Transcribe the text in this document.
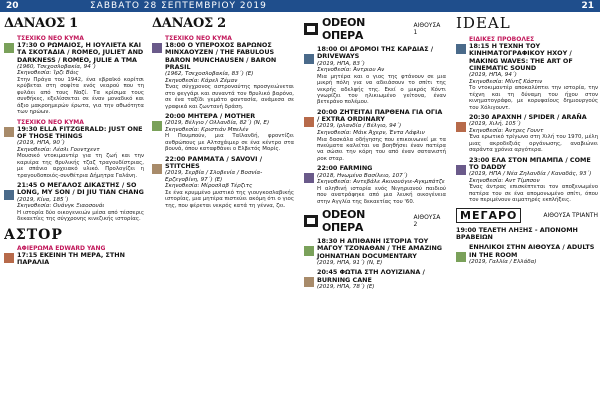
20	ΣΑΒΒΑΤΟ 28 ΣΕΠΤΕΜΒΡΙΟΥ 2019	21
ΔΑΝΑΟΣ 1
ΤΣΕΧΙΚΟ ΝΕΟ ΚΥΜΑ
17:30 Ο ΡΩΜΑΙΟΣ, Η ΙΟΥΛΙΕΤΑ ΚΑΙ ΤΑ ΣΚΟΤΑΔΙΑ / ROMEO, JULIET AND DARKNESS / ROMEO, JULIE A TMA
(1960, Τσεχοσλοβακία, 94΄)
Σκηνοθεσία: Ίρζι Βάις
Στην Πράγα του 1942, ένα εβραϊκό κορίτσι κρύβεται στη σοφίτα ενός νεαρού που τη φυλάει από τους Ναζί. Τα κρίσιμα τους συνθήκες, εξελίσσεται σε έναν μοναδικό και άξιο μακροημερών έρωτα, για την αθωότητα των ηρώων.
ΤΣΕΧΙΚΟ ΝΕΟ ΚΥΜΑ
19:30 ELLA FITZGERALD: JUST ONE OF THOSE THINGS
(2019, ΗΠΑ, 90΄)
Σκηνοθεσία: Λέσλι Γουντχεντ
Μουσικό ντοκιμαντέρ για τη ζωή και την καριέρα της θρυλικής τζαζ τραγουδίστριας, με σπάνιο αρχειακό υλικό. Προλογίζει η τραγουδοποιός-συνθέτρια Δήμητρα Γαλάνη.
21:45 Ο ΜΕΓΑΛΟΣ ΔΙΚΑΣΤΗΣ / SO LONG, MY SON / DI JIU TIAN CHANG
(2019, Κίνα, 185΄)
Σκηνοθεσία: Ουάνγκ Ξιαοσουάι
Η ιστορία δύο οικογενειών μέσα από τέσσερις δεκαετίες της σύγχρονης κινεζικής ιστορίας.
ΑΣΤΟΡ
ΑΦΙΕΡΩΜΑ EDWARD YANG
17:15 ΕΚΕΙΝΗ ΤΗ ΜΕΡΑ, ΣΤΗΝ ΠΑΡΑΛΙΑ
ΔΑΝΑΟΣ 2
ΤΣΕΧΙΚΟ ΝΕΟ ΚΥΜΑ
18:00 Ο ΥΠΕΡΟΧΟΣ ΒΑΡΩΝΟΣ ΜΙΝΧΑΟΥΖΕΝ / THE FABULOUS BARON MUNCHAUSEN / BARON PRASIL
(1962, Τσεχοσλοβακία, 83΄) (Ε)
Σκηνοθεσία: Κάρελ Ζέμαν
Ένας σύγχρονος αστροναύτης προσγειώνεται στο φεγγάρι και συναντά τον θρυλικό βαρόνο, σε ένα ταξίδι γεμάτο φαντασία, ανάμεσα σε γραφικά και ζωντανή δράση.
20:00 ΜΗΤΕΡΑ / MOTHER
(2019, Βέλγιο / Ολλανδία, 82΄) (Ν, Ε)
Σκηνοθεσία: Κριστιάν Μπελέν
Η Πουμπούν, μια Ταϊλανδή, φροντίζει ανθρώπους με Αλτσχάιμερ σε ένα κέντρο στα βουνά, όπου καταφθάνει ο Ελβετός Μορίς.
22:00 ΡΑΜΜΑΤΑ / SAVOVI / STITCHES
(2019, Σερβία / Σλοβενία / Βοσνία-Ερζεγοβίνη, 97΄) (Ε)
Σκηνοθεσία: Μίροσλαβ Τέρζιτς
Σε ένα κρυμμένο μυστικό της γιουγκοσλαβικής ιστορίας, μια μητέρα πιστεύει ακόμη ότι ο γιος της, που φέρεται νεκρός κατά τη γέννα, ζει.
ODEON ΟΠΕΡΑ
ΑΙΘΟΥΣΑ 1
18:00 ΟΙ ΔΡΟΜΟΙ ΤΗΣ ΚΑΡΔΙΑΣ / DRIVEWAYS
(2019, ΗΠΑ, 83΄)
Σκηνοθεσία: Άντριου Αν
Μια μητέρα και ο γιος της φτάνουν σε μια μικρή πόλη για να αδειάσουν το σπίτι της νεκρής αδελφής της. Εκεί ο μικρός Κόντι γνωρίζει τον ηλικιωμένο γείτονα, έναν βετεράνο πολέμου.
20:00 ΖΗΤΕΙΤΑΙ ΠΑΡΘΕΝΑ ΓΙΑ ΟΓΙΑ / EXTRA ORDINARY
(2019, Ιρλανδία / Βέλγιο, 94΄)
Σκηνοθεσία: Μάικ Άχερν, Έντα Λάφλιν
Μια δασκάλα οδήγησης που επικοινωνεί με τα πνεύματα καλείται να βοηθήσει έναν πατέρα να σώσει την κόρη του από έναν σατανιστή ροκ σταρ.
22:00 FARMING
(2018, Ηνωμένο Βασίλειο, 107΄)
Σκηνοθεσία: Αντεβάλε Ακινουόγιε-Αγκμπάτζε
Η αληθινή ιστορία ενός Νιγηριανού παιδιού που ανατράφηκε από μια λευκή οικογένεια στην Αγγλία της δεκαετίας του '60.
ODEON ΟΠΕΡΑ
ΑΙΘΟΥΣΑ 2
18:30 Η ΑΠΙΘΑΝΗ ΙΣΤΟΡΙΑ ΤΟΥ ΜΑΓΟΥ ΤΖΟΝΑΘΑΝ / THE AMAZING JOHNATHAN DOCUMENTARY
(2019, ΗΠΑ, 91΄) (Ν, Ε)
20:45 ΦΩΤΙΑ ΣΤΗ ΛΟΥΙΖΙΑΝΑ / BURNING CANE
(2019, ΗΠΑ, 78΄) (Ε)
IDEAL
ΕΙΔΙΚΕΣ ΠΡΟΒΟΛΕΣ
18:15 Η ΤΕΧΝΗ ΤΟΥ ΚΙΝΗΜΑΤΟΓΡΑΦΙΚΟΥ ΗΧΟΥ / MAKING WAVES: THE ART OF CINEMATIC SOUND
(2019, ΗΠΑ, 94΄)
Σκηνοθεσία: Μίντζ Κόστιν
Το ντοκιμαντέρ αποκαλύπτει την ιστορία, την τέχνη και τη δύναμη του ήχου στον κινηματογράφο, με κορυφαίους δημιουργούς του Χόλιγουντ.
20:30 ΑΡΑΧΝΗ / SPIDER / ARAÑA
(2019, Χιλή, 105΄)
Σκηνοθεσία: Άντρες Γουντ
Ένα ερωτικό τρίγωνο στη Χιλή του 1970, μέλη μιας ακροδεξιάς οργάνωσης, αναβιώνει σαράντα χρόνια αργότερα.
23:00 ΕΛΑ ΣΤΟΝ ΜΠΑΜΠΑ / COME TO DADDY
(2019, ΗΠΑ / Νέα Ζηλανδία / Καναδάς, 93΄)
Σκηνοθεσία: Αντ Τίμπσον
Ένας άντρας επισκέπτεται τον αποξενωμένο πατέρα του σε ένα απομονωμένο σπίτι, όπου τον περιμένουν αιματηρές εκπλήξεις.
ΜΕΓΑΡΟ	ΑΙΘΟΥΣΑ ΤΡΙΑΝΤΗ
19:00 ΤΕΛΕΤΗ ΛΗΞΗΣ - ΑΠΟΝΟΜΗ ΒΡΑΒΕΙΩΝ
ΕΝΗΛΙΚΟΙ ΣΤΗΝ ΑΙΘΟΥΣΑ / ADULTS IN THE ROOM
(2019, Γαλλία / Ελλάδα)
